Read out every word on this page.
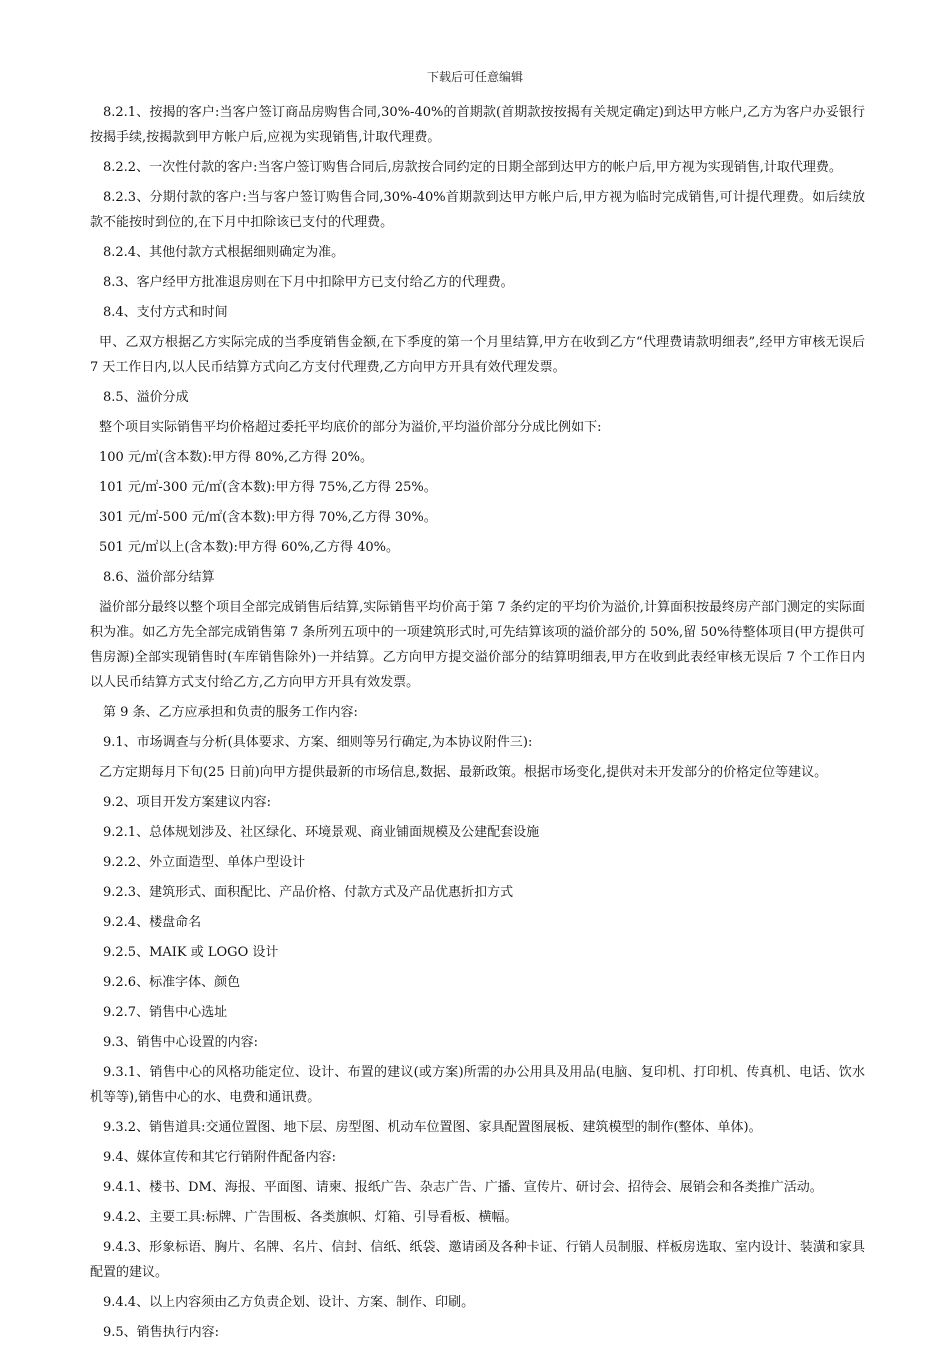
下载后可任意编辑

8.2.1、按揭的客户:当客户签订商品房购售合同,30%-40%的首期款(首期款按按揭有关规定确定)到达甲方帐户,乙方为客户办妥银行按揭手续,按揭款到甲方帐户后,应视为实现销售,计取代理费。

8.2.2、一次性付款的客户:当客户签订购售合同后,房款按合同约定的日期全部到达甲方的帐户后,甲方视为实现销售,计取代理费。

8.2.3、分期付款的客户:当与客户签订购售合同,30%-40%首期款到达甲方帐户后,甲方视为临时完成销售,可计提代理费。如后续放款不能按时到位的,在下月中扣除该已支付的代理费。

8.2.4、其他付款方式根据细则确定为准。

8.3、客户经甲方批准退房则在下月中扣除甲方已支付给乙方的代理费。

8.4、支付方式和时间

甲、乙双方根据乙方实际完成的当季度销售金额,在下季度的第一个月里结算,甲方在收到乙方“代理费请款明细表”,经甲方审核无误后 7 天工作日内,以人民币结算方式向乙方支付代理费,乙方向甲方开具有效代理发票。

8.5、溢价分成

整个项目实际销售平均价格超过委托平均底价的部分为溢价,平均溢价部分分成比例如下:

100 元/㎡(含本数):甲方得 80%,乙方得 20%。

101 元/㎡-300 元/㎡(含本数):甲方得 75%,乙方得 25%。

301 元/㎡-500 元/㎡(含本数):甲方得 70%,乙方得 30%。

501 元/㎡以上(含本数):甲方得 60%,乙方得 40%。

8.6、溢价部分结算

溢价部分最终以整个项目全部完成销售后结算,实际销售平均价高于第 7 条约定的平均价为溢价,计算面积按最终房产部门测定的实际面积为准。如乙方先全部完成销售第 7 条所列五项中的一项建筑形式时,可先结算该项的溢价部分的 50%,留 50%待整体项目(甲方提供可售房源)全部实现销售时(车库销售除外)一并结算。乙方向甲方提交溢价部分的结算明细表,甲方在收到此表经审核无误后 7 个工作日内以人民币结算方式支付给乙方,乙方向甲方开具有效发票。

第 9 条、乙方应承担和负责的服务工作内容:

9.1、市场调查与分析(具体要求、方案、细则等另行确定,为本协议附件三):

乙方定期每月下旬(25 日前)向甲方提供最新的市场信息,数据、最新政策。根据市场变化,提供对未开发部分的价格定位等建议。

9.2、项目开发方案建议内容:

9.2.1、总体规划涉及、社区绿化、环境景观、商业铺面规模及公建配套设施

9.2.2、外立面造型、单体户型设计

9.2.3、建筑形式、面积配比、产品价格、付款方式及产品优惠折扣方式

9.2.4、楼盘命名

9.2.5、MAIK 或 LOGO 设计

9.2.6、标准字体、颜色

9.2.7、销售中心选址

9.3、销售中心设置的内容:

9.3.1、销售中心的风格功能定位、设计、布置的建议(或方案)所需的办公用具及用品(电脑、复印机、打印机、传真机、电话、饮水机等等),销售中心的水、电费和通讯费。

9.3.2、销售道具:交通位置图、地下层、房型图、机动车位置图、家具配置图展板、建筑模型的制作(整体、单体)。

9.4、媒体宣传和其它行销附件配备内容:

9.4.1、楼书、DM、海报、平面图、请柬、报纸广告、杂志广告、广播、宣传片、研讨会、招待会、展销会和各类推广活动。

9.4.2、主要工具:标牌、广告围板、各类旗帜、灯箱、引导看板、横幅。

9.4.3、形象标语、胸片、名牌、名片、信封、信纸、纸袋、邀请函及各种卡证、行销人员制服、样板房选取、室内设计、装潢和家具配置的建议。

9.4.4、以上内容须由乙方负责企划、设计、方案、制作、印刷。

9.5、销售执行内容:
